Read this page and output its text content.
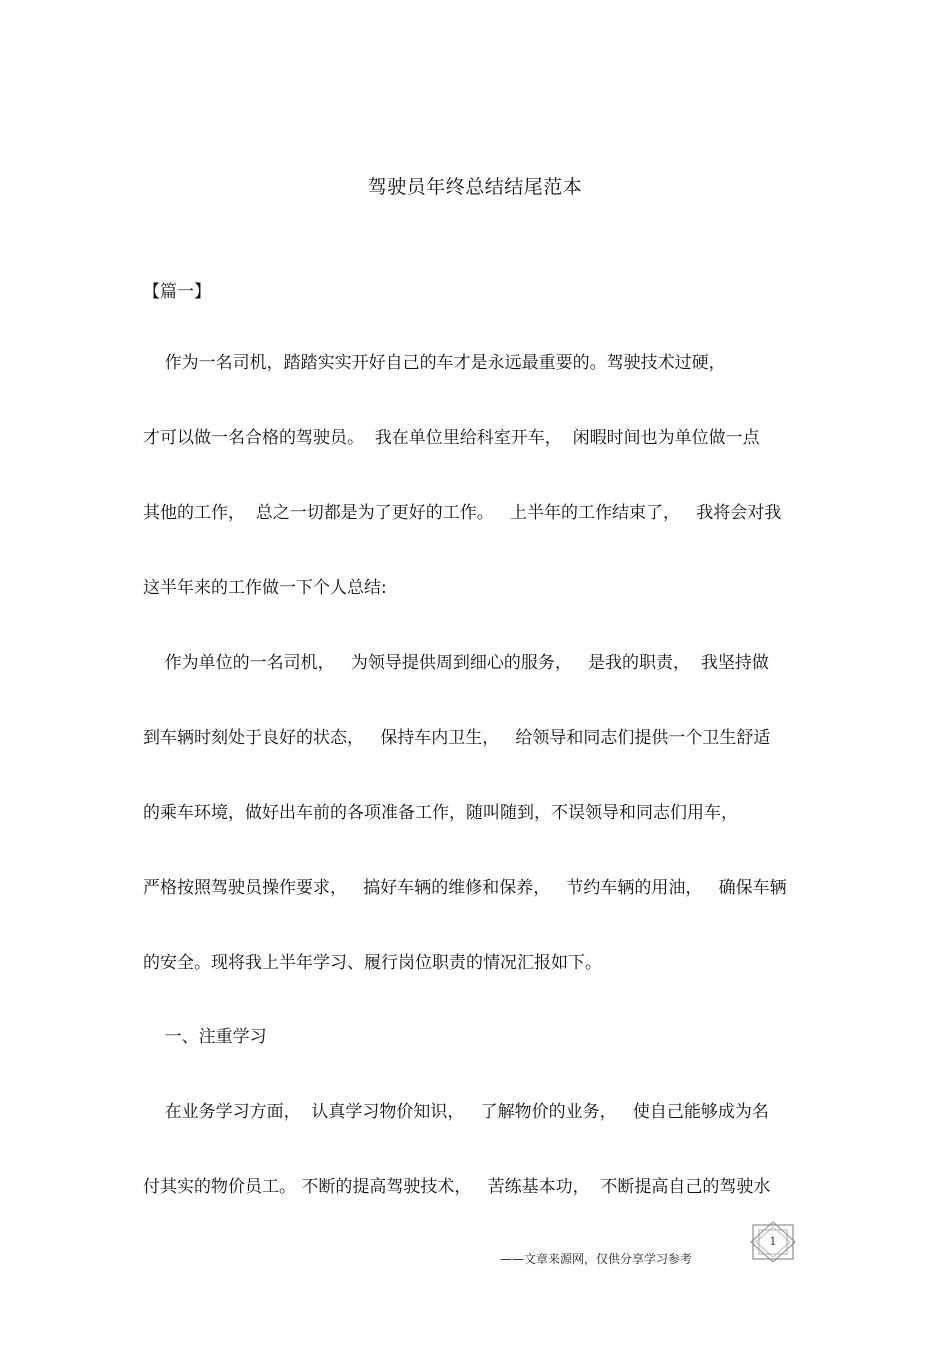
驾驶员年终总结结尾范本
【篇一】
作为一名司机，踏踏实实开好自己的车才是永远最重要的。驾驶技术过硬，
才可以做一名合格的驾驶员。  我在单位里给科室开车，  闲暇时间也为单位做一点
其他的工作，  总之一切都是为了更好的工作。   上半年的工作结束了，   我将会对我
这半年来的工作做一下个人总结:
作为单位的一名司机，   为领导提供周到细心的服务，   是我的职责，  我坚持做
到车辆时刻处于良好的状态，   保持车内卫生，   给领导和同志们提供一个卫生舒适
的乘车环境，做好出车前的各项准备工作，随叫随到，不误领导和同志们用车，
严格按照驾驶员操作要求，   搞好车辆的维修和保养，   节约车辆的用油，   确保车辆
的安全。现将我上半年学习、履行岗位职责的情况汇报如下。
一、注重学习
在业务学习方面，  认真学习物价知识，   了解物价的业务，   使自己能够成为名
付其实的物价员工。 不断的提高驾驶技术，   苦练基本功，  不断提高自己的驾驶水
1
——文章来源网，仅供分享学习参考
